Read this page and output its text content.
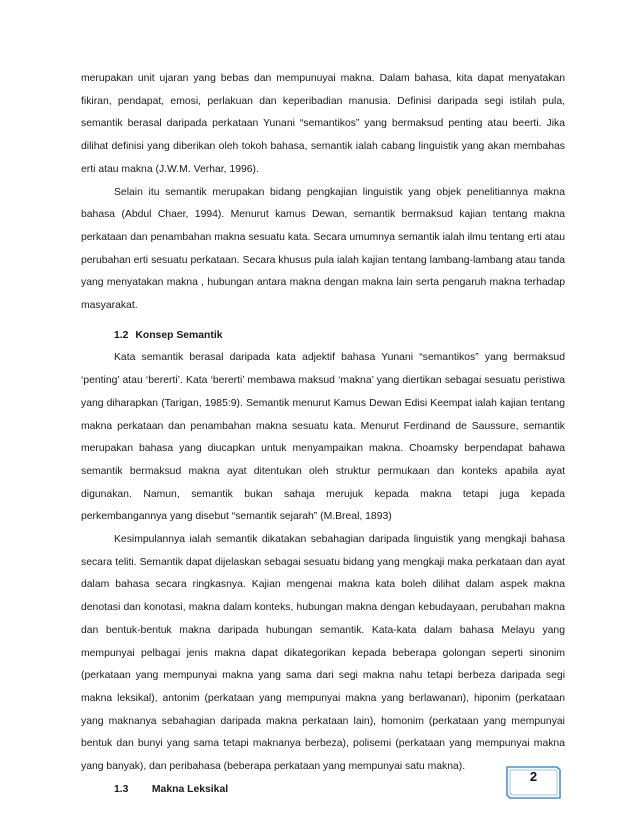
merupakan unit ujaran yang bebas dan mempunuyai makna. Dalam bahasa, kita dapat menyatakan fikiran, pendapat, emosi, perlakuan dan keperibadian manusia. Definisi daripada segi istilah pula, semantik berasal daripada perkataan Yunani “semantikos” yang bermaksud penting atau beerti. Jika dilihat definisi yang diberikan oleh tokoh bahasa, semantik ialah cabang linguistik yang akan membahas erti atau makna (J.W.M. Verhar, 1996).

Selain itu semantik merupakan bidang pengkajian linguistik yang objek penelitiannya makna bahasa (Abdul Chaer, 1994). Menurut kamus Dewan, semantik bermaksud kajian tentang makna perkataan dan penambahan makna sesuatu kata. Secara umumnya semantik ialah ilmu tentang erti atau perubahan erti sesuatu perkataan. Secara khusus pula ialah kajian tentang lambang-lambang atau tanda yang menyatakan makna , hubungan antara makna dengan makna lain serta pengaruh makna terhadap masyarakat.

1.2 Konsep Semantik

Kata semantik berasal daripada kata adjektif bahasa Yunani “semantikos” yang bermaksud ‘penting’ atau ‘bererti’. Kata ‘bererti’ membawa maksud ‘makna’ yang diertikan sebagai sesuatu peristiwa yang diharapkan (Tarigan, 1985:9). Semantik menurut Kamus Dewan Edisi Keempat ialah kajian tentang makna perkataan dan penambahan makna sesuatu kata. Menurut Ferdinand de Saussure, semantik merupakan bahasa yang diucapkan untuk menyampaikan makna. Choamsky berpendapat bahawa semantik bermaksud makna ayat ditentukan oleh struktur permukaan dan konteks apabila ayat digunakan. Namun, semantik bukan sahaja merujuk kepada makna tetapi juga kepada perkembangannya yang disebut “semantik sejarah” (M.Breal, 1893)

Kesimpulannya ialah semantik dikatakan sebahagian daripada linguistik yang mengkaji bahasa secara teliti. Semantik dapat dijelaskan sebagai sesuatu bidang yang mengkaji maka perkataan dan ayat dalam bahasa secara ringkasnya. Kajian mengenai makna kata boleh dilihat dalam aspek makna denotasi dan konotasi, makna dalam konteks, hubungan makna dengan kebudayaan, perubahan makna dan bentuk-bentuk makna daripada hubungan semantik. Kata-kata dalam bahasa Melayu yang mempunyai pelbagai jenis makna dapat dikategorikan kepada beberapa golongan seperti sinonim (perkataan yang mempunyai makna yang sama dari segi makna nahu tetapi berbeza daripada segi makna leksikal), antonim (perkataan yang mempunyai makna yang berlawanan), hiponim (perkataan yang maknanya sebahagian daripada makna perkataan lain), homonim (perkataan yang mempunyai bentuk dan bunyi yang sama tetapi maknanya berbeza), polisemi (perkataan yang mempunyai makna yang banyak), dan peribahasa (beberapa perkataan yang mempunyai satu makna).

1.3 Makna Leksikal
2
